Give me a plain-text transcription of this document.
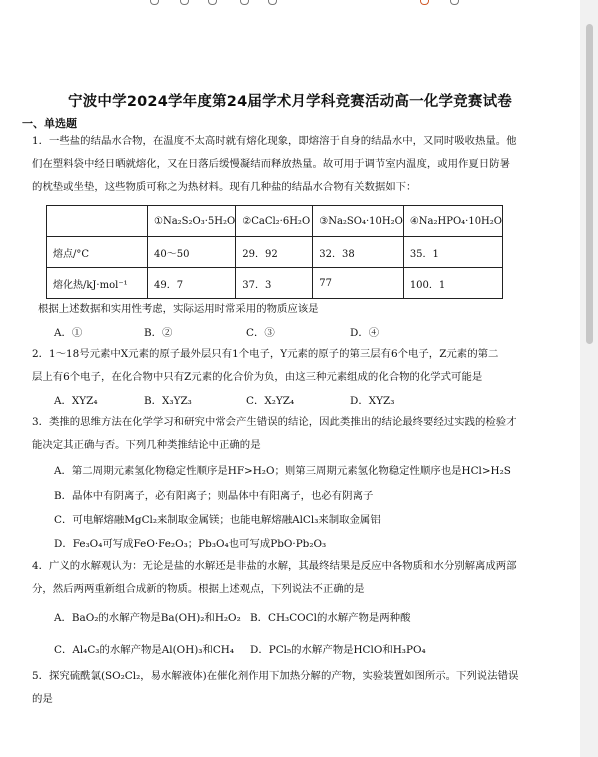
宁波中学2024学年度第24届学术月学科竞赛活动高一化学竞赛试卷
一、单选题
1．一些盐的结晶水合物，在温度不太高时就有熔化现象，即熔溶于自身的结晶水中，又同时吸收热量。他
们在塑料袋中经日晒就熔化，又在日落后缓慢凝结而释放热量。故可用于调节室内温度，或用作夏日防暑
的枕垫或坐垫，这些物质可称之为热材料。现有几种盐的结晶水合物有关数据如下：
	①Na₂S₂O₃·5H₂O	②CaCl₂·6H₂O	③Na₂SO₄·10H₂O	④Na₂HPO₄·10H₂O
熔点/°C	40～50	29．92	32．38	35．1
熔化热/kJ·mol⁻¹	49．7	37．3	77	100．1
根据上述数据和实用性考虑，实际运用时常采用的物质应该是
A．①	B．②	C．③	D．④
2．1～18号元素中X元素的原子最外层只有1个电子，Y元素的原子的第三层有6个电子，Z元素的第二
层上有6个电子，在化合物中只有Z元素的化合价为负，由这三种元素组成的化合物的化学式可能是
A．XYZ₄	B．X₃YZ₃	C．X₂YZ₄	D．XYZ₃
3．类推的思维方法在化学学习和研究中常会产生错误的结论，因此类推出的结论最终要经过实践的检验才
能决定其正确与否。下列几种类推结论中正确的是
A．第二周期元素氢化物稳定性顺序是HF>H₂O；则第三周期元素氢化物稳定性顺序也是HCl>H₂S
B．晶体中有阴离子，必有阳离子；则晶体中有阳离子，也必有阴离子
C．可电解熔融MgCl₂来制取金属镁；也能电解熔融AlCl₃来制取金属铝
D．Fe₃O₄可写成FeO·Fe₂O₃；Pb₃O₄也可写成PbO·Pb₂O₃
4．广义的水解观认为：无论是盐的水解还是非盐的水解，其最终结果是反应中各物质和水分别解离成两部
分，然后两两重新组合成新的物质。根据上述观点，下列说法不正确的是
A．BaO₂的水解产物是Ba(OH)₂和H₂O₂ B．CH₃COCl的水解产物是两种酸
C．Al₄C₃的水解产物是Al(OH)₃和CH₄ D．PCl₅的水解产物是HClO和H₃PO₄
5．探究硫酰氯(SO₂Cl₂，易水解液体)在催化剂作用下加热分解的产物，实验装置如图所示。下列说法错误
的是
